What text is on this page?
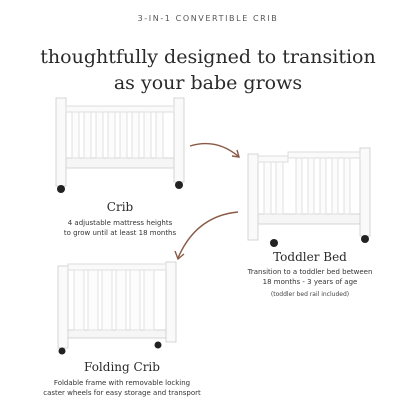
3-IN-1 CONVERTIBLE CRIB
thoughtfully designed to transition
as your babe grows
Crib
4 adjustable mattress heights
to grow until at least 18 months
Toddler Bed
Transition to a toddler bed between
18 months - 3 years of age
(toddler bed rail included)
Folding Crib
Foldable frame with removable locking
caster wheels for easy storage and transport
